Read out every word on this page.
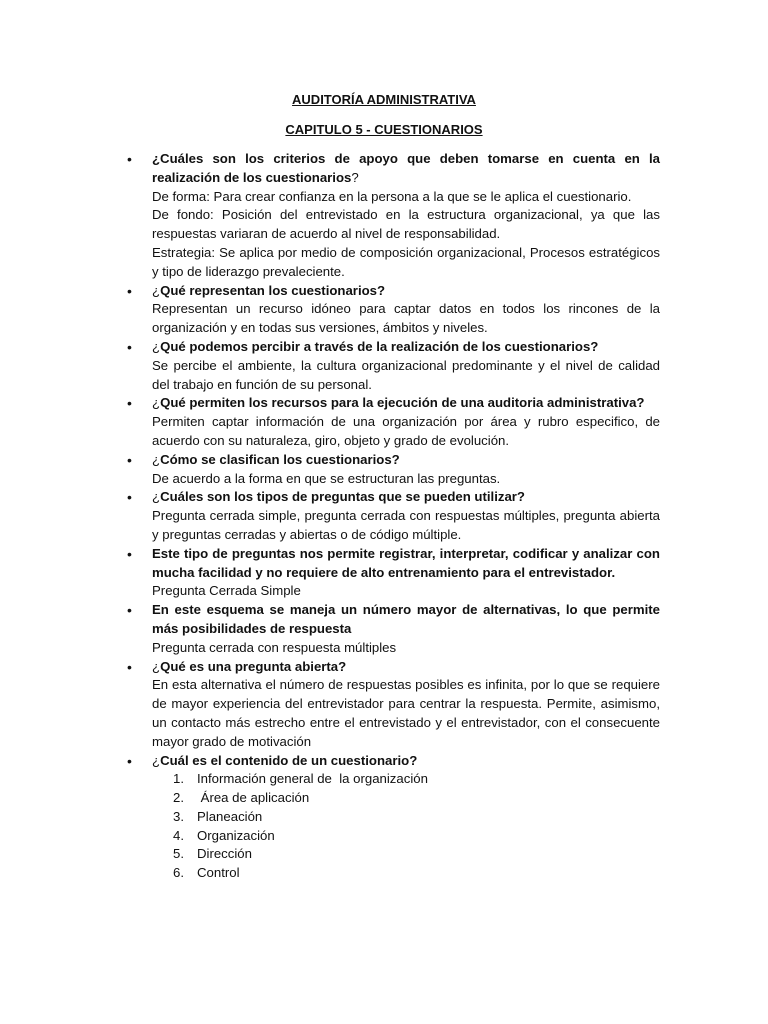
AUDITORÍA ADMINISTRATIVA
CAPITULO 5 - CUESTIONARIOS
• ¿Cuáles son los criterios de apoyo que deben tomarse en cuenta en la realización de los cuestionarios?
De forma: Para crear confianza en la persona a la que se le aplica el cuestionario.
De fondo: Posición del entrevistado en la estructura organizacional, ya que las respuestas variaran de acuerdo al nivel de responsabilidad.
Estrategia: Se aplica por medio de composición organizacional, Procesos estratégicos y tipo de liderazgo prevaleciente.
• ¿Qué representan los cuestionarios?
Representan un recurso idóneo para captar datos en todos los rincones de la organización y en todas sus versiones, ámbitos y niveles.
• ¿Qué podemos percibir a través de la realización de los cuestionarios?
Se percibe el ambiente, la cultura organizacional predominante y el nivel de calidad del trabajo en función de su personal.
• ¿Qué permiten los recursos para la ejecución de una auditoria administrativa?
Permiten captar información de una organización por área y rubro especifico, de acuerdo con su naturaleza, giro, objeto y grado de evolución.
• ¿Cómo se clasifican los cuestionarios?
De acuerdo a la forma en que se estructuran las preguntas.
• ¿Cuáles son los tipos de preguntas que se pueden utilizar?
Pregunta cerrada simple, pregunta cerrada con respuestas múltiples, pregunta abierta y preguntas cerradas y abiertas o de código múltiple.
• Este tipo de preguntas nos permite registrar, interpretar, codificar y analizar con mucha facilidad y no requiere de alto entrenamiento para el entrevistador.
Pregunta Cerrada Simple
• En este esquema se maneja un número mayor de alternativas, lo que permite más posibilidades de respuesta
Pregunta cerrada con respuesta múltiples
• ¿Qué es una pregunta abierta?
En esta alternativa el número de respuestas posibles es infinita, por lo que se requiere de mayor experiencia del entrevistador para centrar la respuesta. Permite, asimismo, un contacto más estrecho entre el entrevistado y el entrevistador, con el consecuente mayor grado de motivación
• ¿Cuál es el contenido de un cuestionario?
1. Información general de  la organización
2. Área de aplicación
3. Planeación
4. Organización
5. Dirección
6. Control
